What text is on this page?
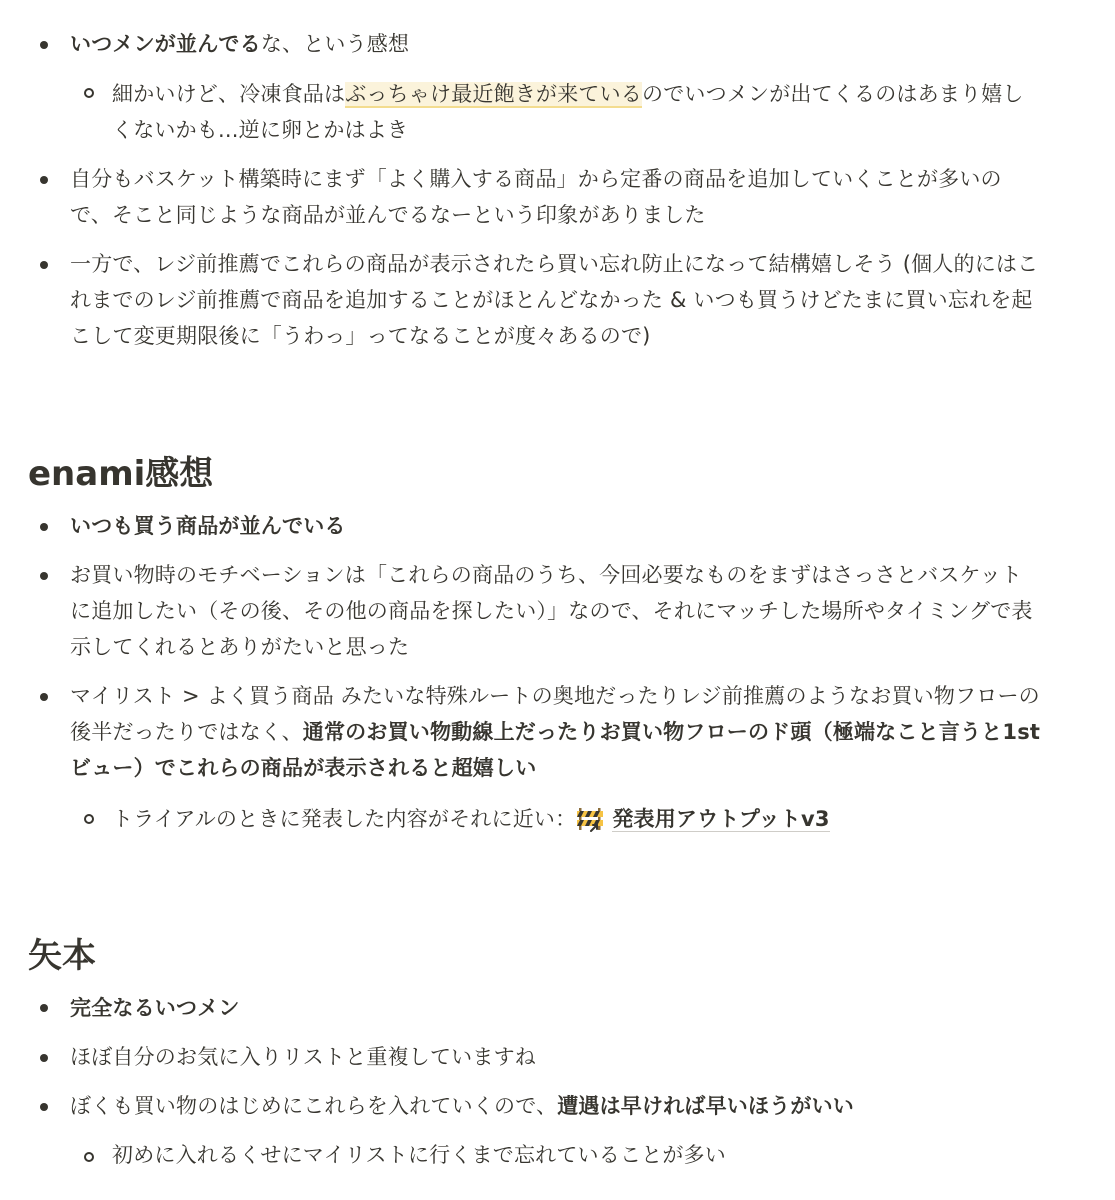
いつメンが並んでるな、という感想
細かいけど、冷凍食品はぶっちゃけ最近飽きが来ているのでいつメンが出てくるのはあまり嬉し
くないかも...逆に卵とかはよき
自分もバスケット構築時にまず「よく購入する商品」から定番の商品を追加していくことが多いの
で、そこと同じような商品が並んでるなーという印象がありました
一方で、レジ前推薦でこれらの商品が表示されたら買い忘れ防止になって結構嬉しそう (個人的にはこ
れまでのレジ前推薦で商品を追加することがほとんどなかった & いつも買うけどたまに買い忘れを起
こして変更期限後に「うわっ」ってなることが度々あるので)
enami感想
いつも買う商品が並んでいる
お買い物時のモチベーションは「これらの商品のうち、今回必要なものをまずはさっさとバスケット
に追加したい（その後、その他の商品を探したい）」なので、それにマッチした場所やタイミングで表
示してくれるとありがたいと思った
マイリスト > よく買う商品 みたいな特殊ルートの奥地だったりレジ前推薦のようなお買い物フローの
後半だったりではなく、通常のお買い物動線上だったりお買い物フローのド頭（極端なこと言うと1st
ビュー）でこれらの商品が表示されると超嬉しい
トライアルのときに発表した内容がそれに近い： 発表用アウトプットv3
矢本
完全なるいつメン
ほぼ自分のお気に入りリストと重複していますね
ぼくも買い物のはじめにこれらを入れていくので、遭遇は早ければ早いほうがいい
初めに入れるくせにマイリストに行くまで忘れていることが多い
